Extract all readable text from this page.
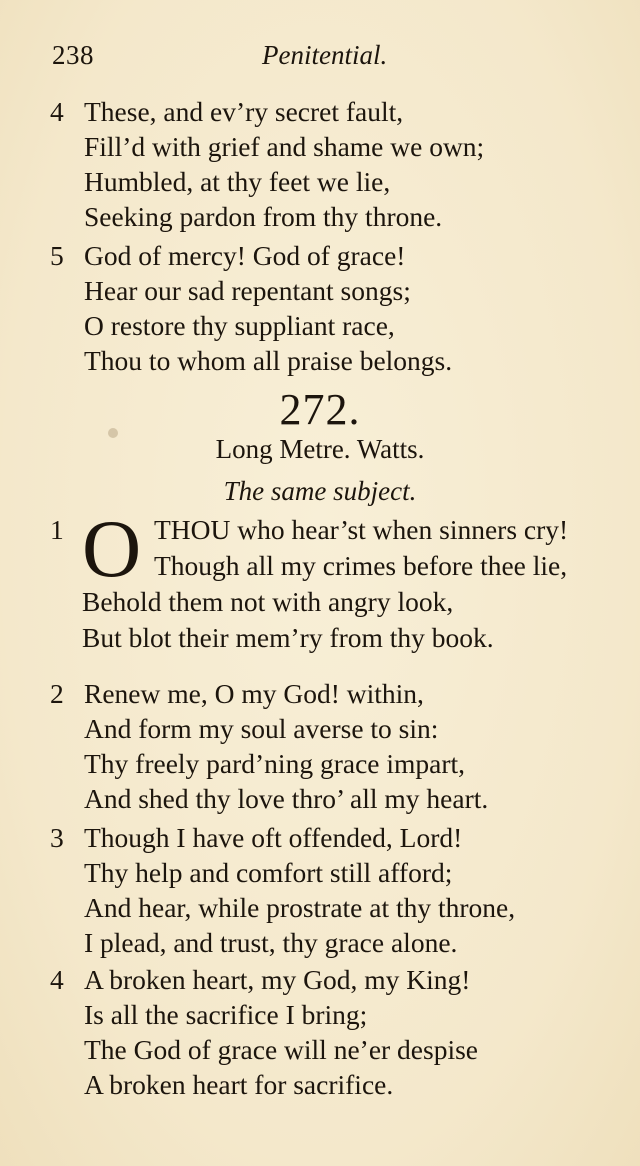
238	Penitential.
4 These, and ev’ry secret fault,
Fill’d with grief and shame we own;
Humbled, at thy feet we lie,
Seeking pardon from thy throne.
5 God of mercy! God of grace!
Hear our sad repentant songs;
O restore thy suppliant race,
Thou to whom all praise belongs.
272.
Long Metre. Watts.
The same subject.
1 O THOU who hear’st when sinners cry!
Though all my crimes before thee lie,
Behold them not with angry look,
But blot their mem’ry from thy book.
2 Renew me, O my God! within,
And form my soul averse to sin:
Thy freely pard’ning grace impart,
And shed thy love thro’ all my heart.
3 Though I have oft offended, Lord!
Thy help and comfort still afford;
And hear, while prostrate at thy throne,
I plead, and trust, thy grace alone.
4 A broken heart, my God, my King!
Is all the sacrifice I bring;
The God of grace will ne’er despise
A broken heart for sacrifice.
